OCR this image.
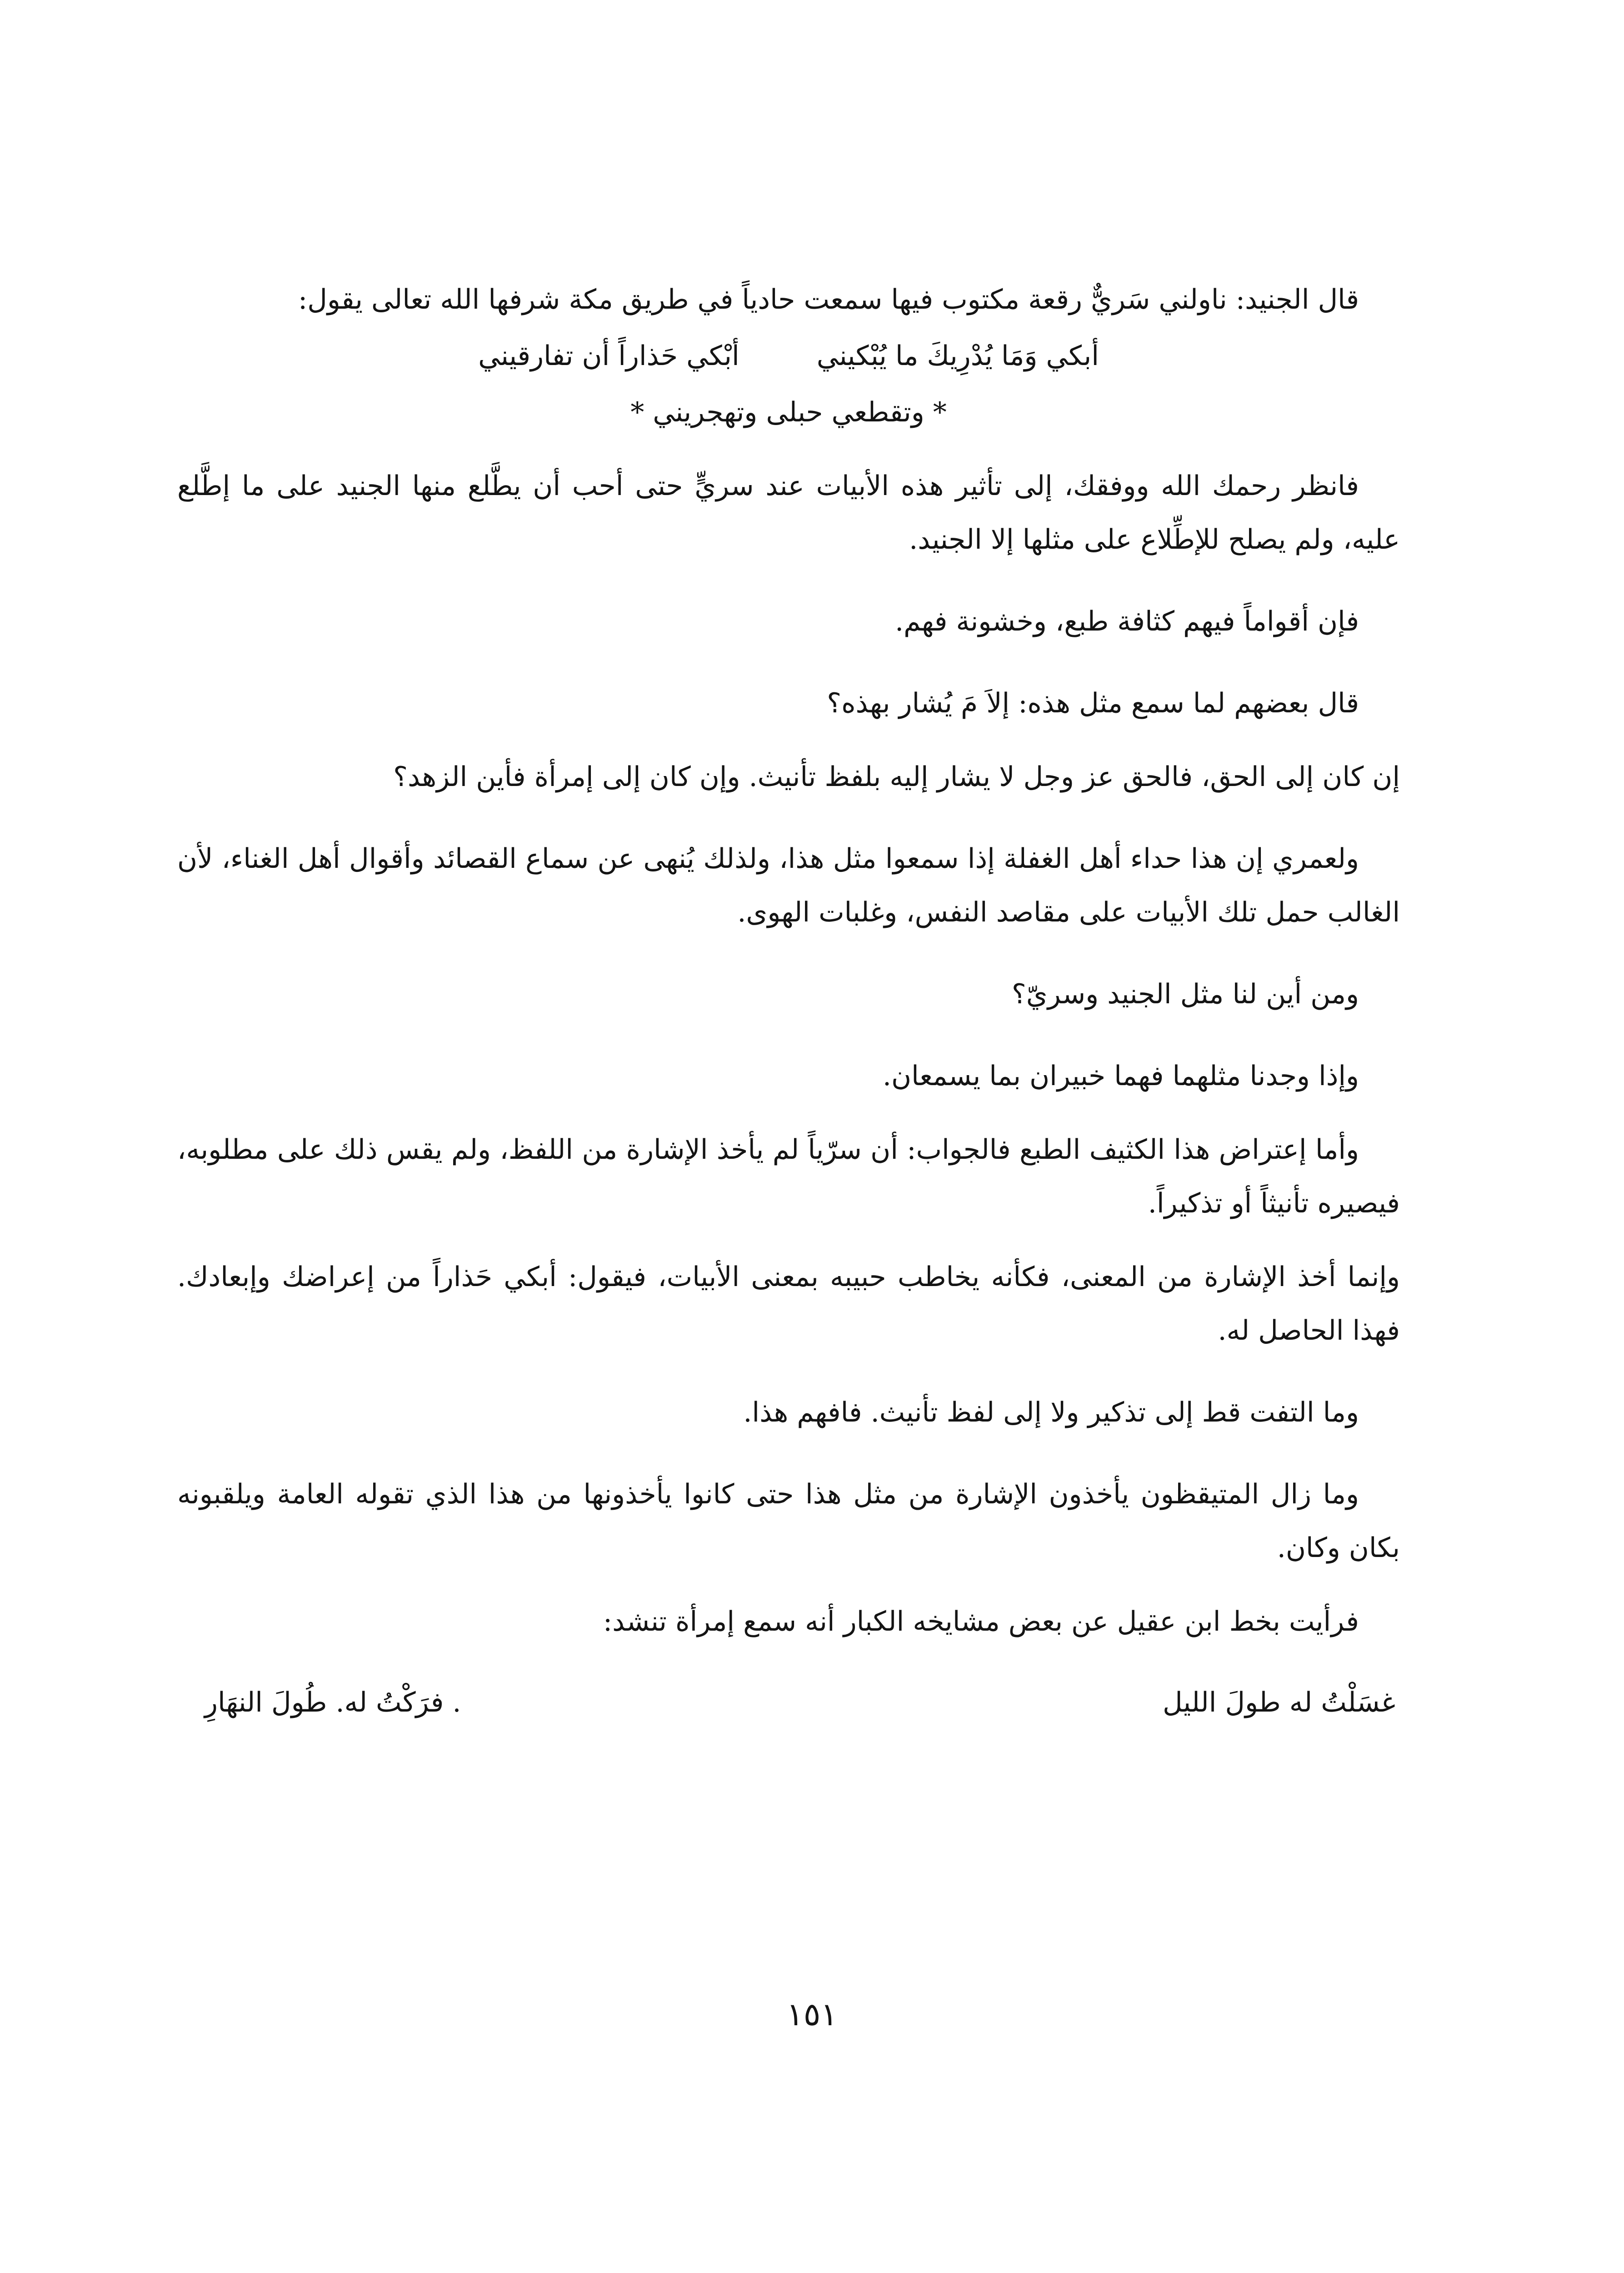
قال الجنيد: ناولني سَريٌّ رقعة مكتوب فيها سمعت حادياً في طريق مكة شرفها الله تعالى يقول:

أبكي وَمَا يُدْرِيكَ ما يُبْكيني
أبْكي حَذاراً أن تفارقيني

* وتقطعي حبلى وتهجريني *

فانظر رحمك الله ووفقك، إلى تأثير هذه الأبيات عند سريٍّ حتى أحب أن يطَّلع منها الجنيد على ما إطَّلع عليه، ولم يصلح للإطِّلاع على مثلها إلا الجنيد.

فإن أقواماً فيهم كثافة طبع، وخشونة فهم.

قال بعضهم لما سمع مثل هذه: إلاَ مَ يُشار بهذه؟

إن كان إلى الحق، فالحق عز وجل لا يشار إليه بلفظ تأنيث. وإن كان إلى إمرأة فأين الزهد؟

ولعمري إن هذا حداء أهل الغفلة إذا سمعوا مثل هذا، ولذلك يُنهى عن سماع القصائد وأقوال أهل الغناء، لأن الغالب حمل تلك الأبيات على مقاصد النفس، وغلبات الهوى.

ومن أين لنا مثل الجنيد وسريّ؟

وإذا وجدنا مثلهما فهما خبيران بما يسمعان.

وأما إعتراض هذا الكثيف الطبع فالجواب: أن سرّياً لم يأخذ الإشارة من اللفظ، ولم يقس ذلك على مطلوبه، فيصيره تأنيثاً أو تذكيراً.

وإنما أخذ الإشارة من المعنى، فكأنه يخاطب حبيبه بمعنى الأبيات، فيقول: أبكي حَذاراً من إعراضك وإبعادك. فهذا الحاصل له.

وما التفت قط إلى تذكير ولا إلى لفظ تأنيث. فافهم هذا.

وما زال المتيقظون يأخذون الإشارة من مثل هذا حتى كانوا يأخذونها من هذا الذي تقوله العامة ويلقبونه بكان وكان.

فرأيت بخط ابن عقيل عن بعض مشايخه الكبار أنه سمع إمرأة تنشد:

غسَلْتُ له طولَ الليل
. فرَكْتُ له. طُولَ النهَارِ
١٥١
